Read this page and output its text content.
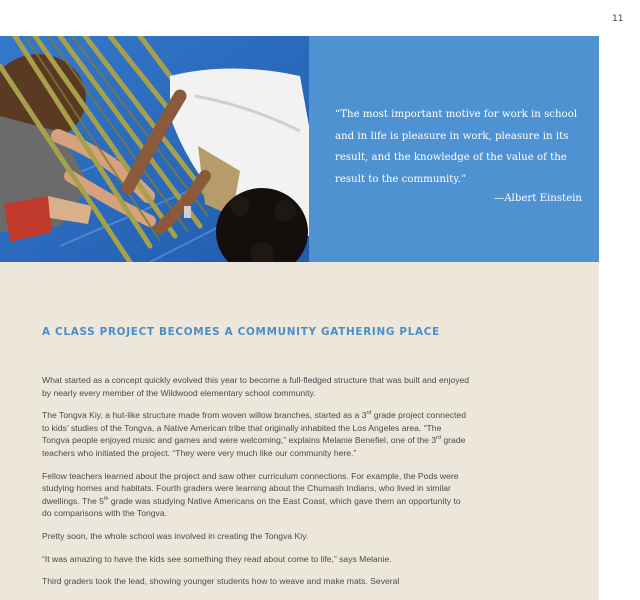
11
“The most important motive for work in school and in life is pleasure in work, pleasure in its result, and the knowledge of the value of the result to the community.”
—Albert Einstein
A CLASS PROJECT BECOMES A COMMUNITY GATHERING PLACE

What started as a concept quickly evolved this year to become a full-fledged structure that was built and enjoyed by nearly every member of the Wildwood elementary school community.

The Tongva Kiy, a hut-like structure made from woven willow branches, started as a 3rd grade project connected to kids’ studies of the Tongva, a Native American tribe that originally inhabited the Los Angeles area. “The Tongva people enjoyed music and games and were welcoming,” explains Melanie Benefiel, one of the 3rd grade teachers who initiated the project. “They were very much like our community here.”

Fellow teachers learned about the project and saw other curriculum connections. For example, the Pods were studying homes and habitats. Fourth graders were learning about the Chumash Indians, who lived in similar dwellings. The 5th grade was studying Native Americans on the East Coast, which gave them an opportunity to do comparisons with the Tongva.

Pretty soon, the whole school was involved in creating the Tongva Kiy.

“It was amazing to have the kids see something they read about come to life,” says Melanie.

Third graders took the lead, showing younger students how to weave and make mats. Several
